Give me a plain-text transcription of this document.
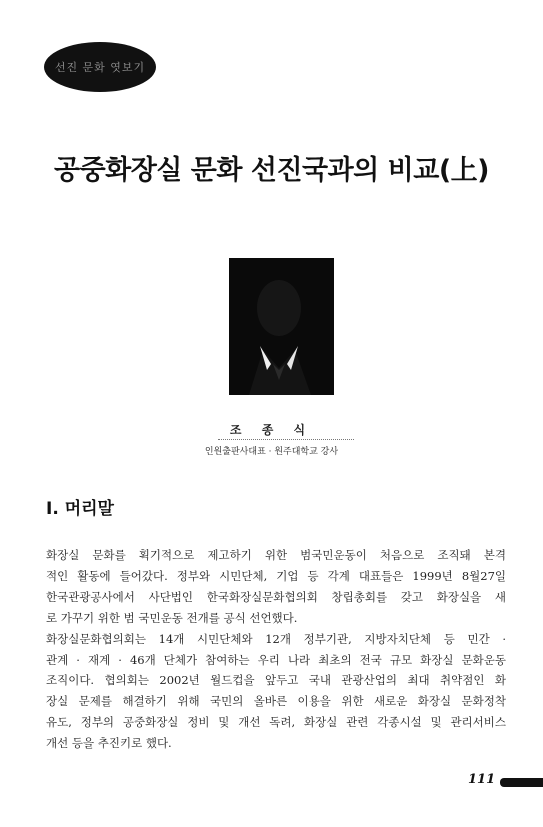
선진 문화 엿보기
공중화장실 문화 선진국과의 비교(上)
조 종 식
인원출판사대표 · 원주대학교 강사
I. 머리말

화장실 문화를 획기적으로 제고하기 위한 범국민운동이 처음으로 조직돼 본격
적인 활동에 들어갔다. 정부와 시민단체, 기업 등 각계 대표들은 1999년 8월27일
한국관광공사에서 사단법인 한국화장실문화협의회 창립총회를 갖고 화장실을 새
로 가꾸기 위한 범 국민운동 전개를 공식 선언했다.

화장실문화협의회는 14개 시민단체와 12개 정부기관, 지방자치단체 등 민간 ·
관계 · 재계 · 46개 단체가 참여하는 우리 나라 최초의 전국 규모 화장실 문화운동
조직이다. 협의회는 2002년 월드컵을 앞두고 국내 관광산업의 최대 취약점인 화
장실 문제를 해결하기 위해 국민의 올바른 이용을 위한 새로운 화장실 문화정착
유도, 정부의 공중화장실 정비 및 개선 독려, 화장실 관련 각종시설 및 관리서비스
개선 등을 추진키로 했다.

111
